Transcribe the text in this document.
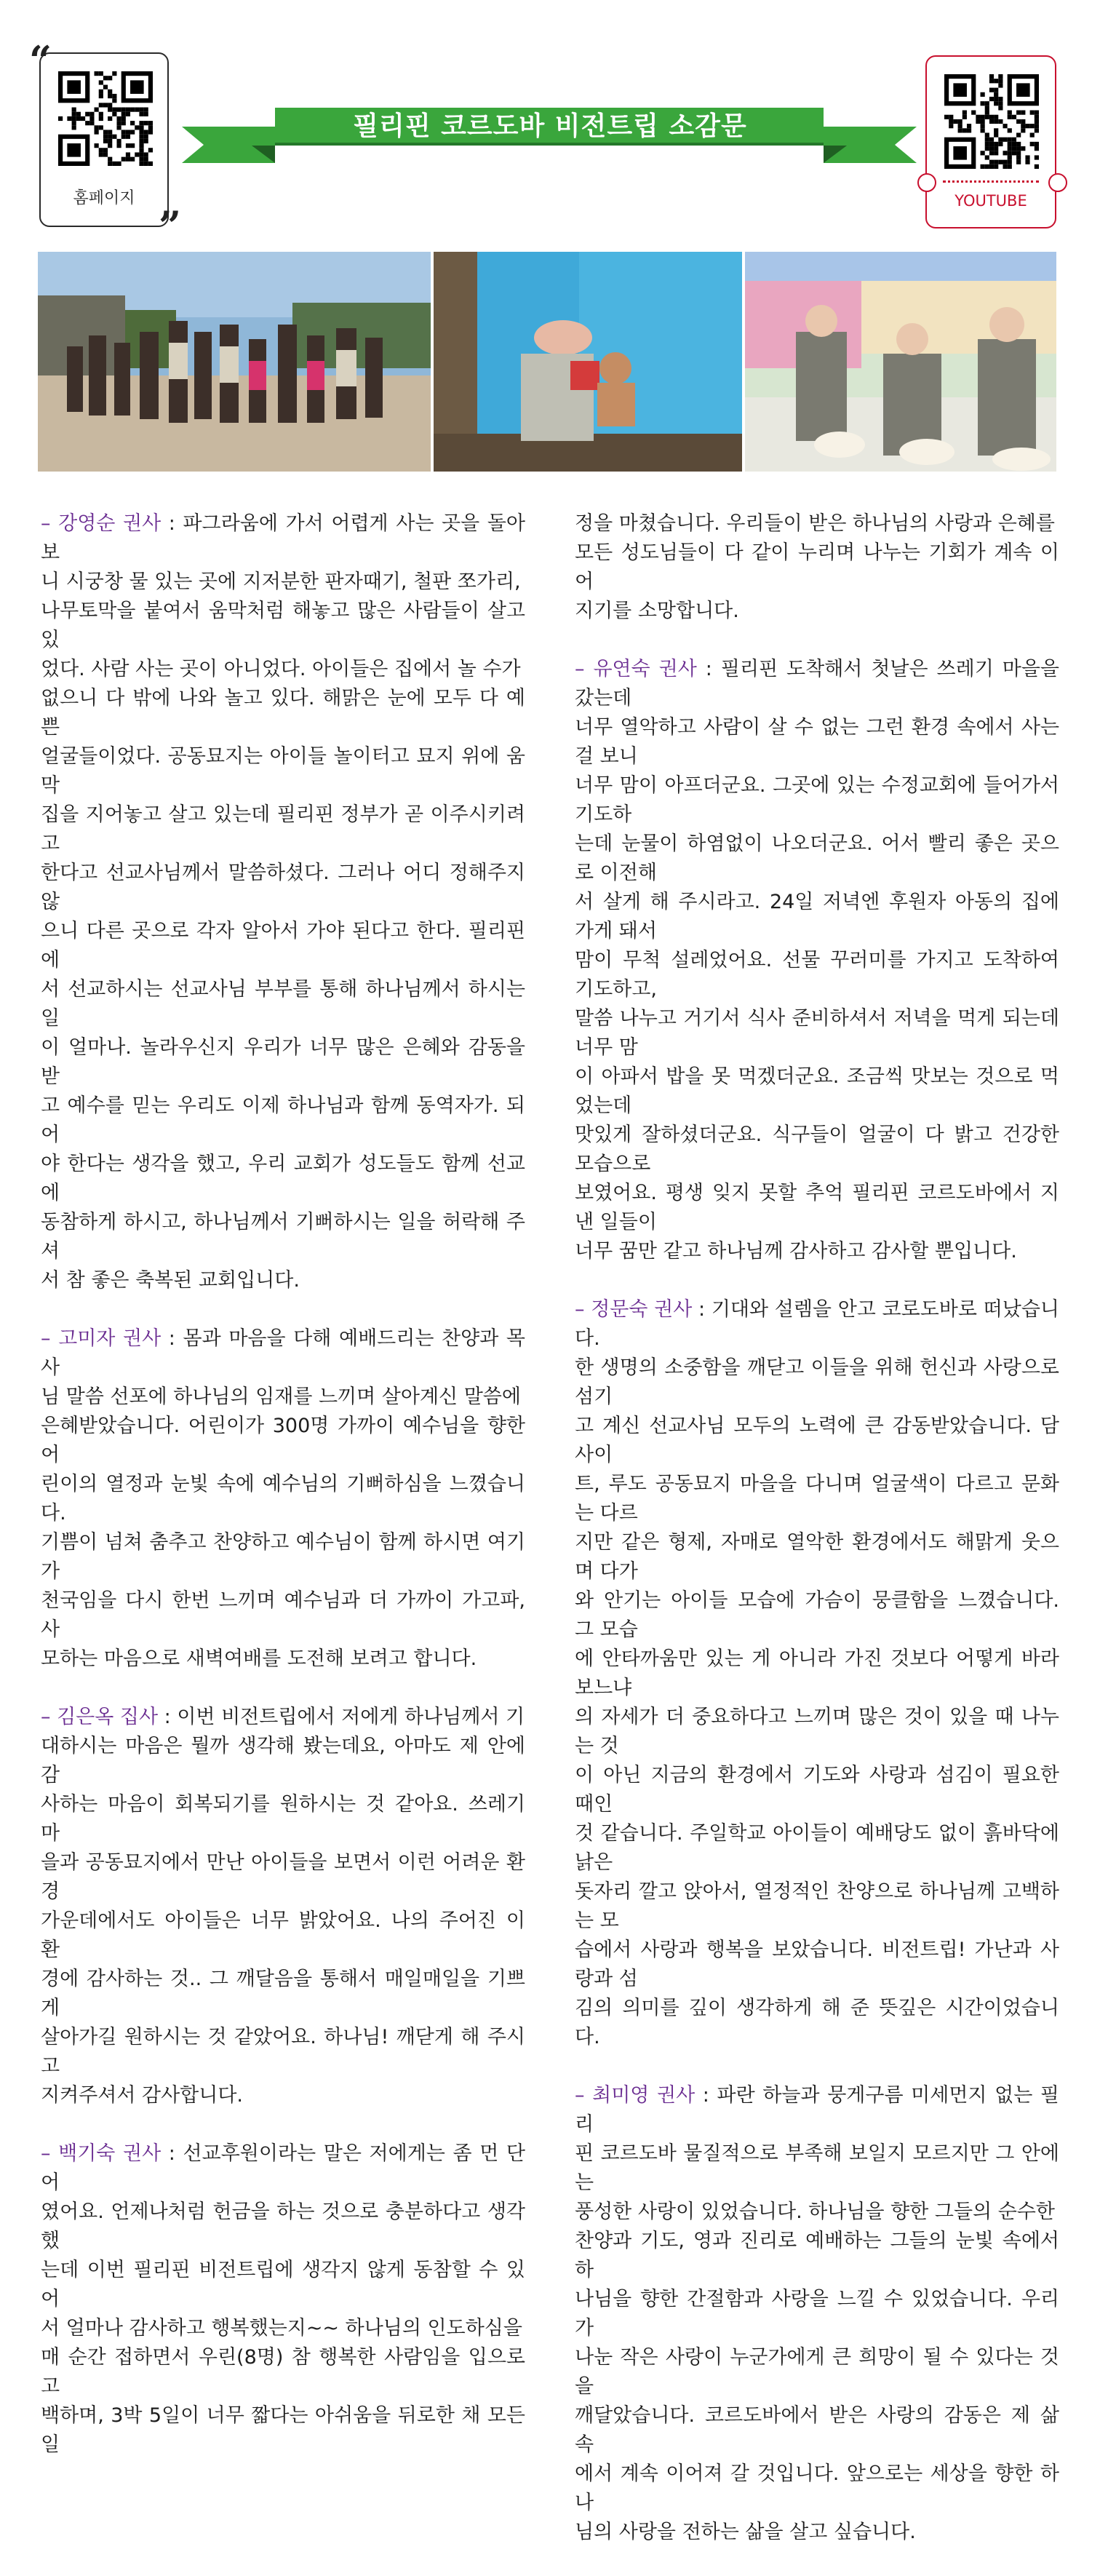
홈페이지
“
”
YOUTUBE
필리핀 코르도바 비전트립 소감문
– 강영순 권사 : 파그라움에 가서 어렵게 사는 곳을 돌아보
니 시궁창 물 있는 곳에 지저분한 판자때기, 철판 쪼가리,
나무토막을 붙여서 움막처럼 해놓고 많은 사람들이 살고 있
었다. 사람 사는 곳이 아니었다. 아이들은 집에서 놀 수가
없으니 다 밖에 나와 놀고 있다. 해맑은 눈에 모두 다 예쁜
얼굴들이었다. 공동묘지는 아이들 놀이터고 묘지 위에 움막
집을 지어놓고 살고 있는데 필리핀 정부가 곧 이주시키려고
한다고 선교사님께서 말씀하셨다. 그러나 어디 정해주지 않
으니 다른 곳으로 각자 알아서 가야 된다고 한다. 필리핀에
서 선교하시는 선교사님 부부를 통해 하나님께서 하시는 일
이 얼마나. 놀라우신지 우리가 너무 많은 은혜와 감동을 받
고 예수를 믿는 우리도 이제 하나님과 함께 동역자가. 되어
야 한다는 생각을 했고, 우리 교회가 성도들도 함께 선교에
동참하게 하시고, 하나님께서 기뻐하시는 일을 허락해 주셔
서 참 좋은 축복된 교회입니다.
– 고미자 권사 : 몸과 마음을 다해 예배드리는 찬양과 목사
님 말씀 선포에 하나님의 임재를 느끼며 살아계신 말씀에
은혜받았습니다. 어린이가 300명 가까이 예수님을 향한 어
린이의 열정과 눈빛 속에 예수님의 기뻐하심을 느꼈습니다.
기쁨이 넘쳐 춤추고 찬양하고 예수님이 함께 하시면 여기가
천국임을 다시 한번 느끼며 예수님과 더 가까이 가고파, 사
모하는 마음으로 새벽여배를 도전해 보려고 합니다.
– 김은옥 집사 : 이번 비전트립에서 저에게 하나님께서 기
대하시는 마음은 뭘까 생각해 봤는데요, 아마도 제 안에 감
사하는 마음이 회복되기를 원하시는 것 같아요. 쓰레기 마
을과 공동묘지에서 만난 아이들을 보면서 이런 어려운 환경
가운데에서도 아이들은 너무 밝았어요. 나의 주어진 이 환
경에 감사하는 것.. 그 깨달음을 통해서 매일매일을 기쁘게
살아가길 원하시는 것 같았어요. 하나님! 깨닫게 해 주시고
지켜주셔서 감사합니다.
– 백기숙 권사 : 선교후원이라는 말은 저에게는 좀 먼 단어
였어요. 언제나처럼 헌금을 하는 것으로 충분하다고 생각했
는데 이번 필리핀 비전트립에 생각지 않게 동참할 수 있어
서 얼마나 감사하고 행복했는지~~ 하나님의 인도하심을
매 순간 접하면서 우린(8명) 참 행복한 사람임을 입으로 고
백하며, 3박 5일이 너무 짧다는 아쉬움을 뒤로한 채 모든 일
정을 마쳤습니다. 우리들이 받은 하나님의 사랑과 은혜를
모든 성도님들이 다 같이 누리며 나누는 기회가 계속 이어
지기를 소망합니다.
– 유연숙 권사 : 필리핀 도착해서 첫날은 쓰레기 마을을 갔는데
너무 열악하고 사람이 살 수 없는 그런 환경 속에서 사는 걸 보니
너무 맘이 아프더군요. 그곳에 있는 수정교회에 들어가서 기도하
는데 눈물이 하염없이 나오더군요. 어서 빨리 좋은 곳으로 이전해
서 살게 해 주시라고. 24일 저녁엔 후원자 아동의 집에 가게 돼서
맘이 무척 설레었어요. 선물 꾸러미를 가지고 도착하여 기도하고,
말씀 나누고 거기서 식사 준비하셔서 저녁을 먹게 되는데 너무 맘
이 아파서 밥을 못 먹겠더군요. 조금씩 맛보는 것으로 먹었는데
맛있게 잘하셨더군요. 식구들이 얼굴이 다 밝고 건강한 모습으로
보였어요. 평생 잊지 못할 추억 필리핀 코르도바에서 지낸 일들이
너무 꿈만 같고 하나님께 감사하고 감사할 뿐입니다.
– 정문숙 권사 : 기대와 설렘을 안고 코로도바로 떠났습니다.
한 생명의 소중함을 깨닫고 이들을 위해 헌신과 사랑으로 섬기
고 계신 선교사님 모두의 노력에 큰 감동받았습니다. 담 사이
트, 루도 공동묘지 마을을 다니며 얼굴색이 다르고 문화는 다르
지만 같은 형제, 자매로 열악한 환경에서도 해맑게 웃으며 다가
와 안기는 아이들 모습에 가슴이 뭉클함을 느꼈습니다. 그 모습
에 안타까움만 있는 게 아니라 가진 것보다 어떻게 바라보느냐
의 자세가 더 중요하다고 느끼며 많은 것이 있을 때 나누는 것
이 아닌 지금의 환경에서 기도와 사랑과 섬김이 필요한 때인
것 같습니다. 주일학교 아이들이 예배당도 없이 흙바닥에 낡은
돗자리 깔고 앉아서, 열정적인 찬양으로 하나님께 고백하는 모
습에서 사랑과 행복을 보았습니다. 비전트립! 가난과 사랑과 섬
김의 의미를 깊이 생각하게 해 준 뜻깊은 시간이었습니다.
– 최미영 권사 : 파란 하늘과 뭉게구름 미세먼지 없는 필리
핀 코르도바 물질적으로 부족해 보일지 모르지만 그 안에는
풍성한 사랑이 있었습니다. 하나님을 향한 그들의 순수한
찬양과 기도, 영과 진리로 예배하는 그들의 눈빛 속에서 하
나님을 향한 간절함과 사랑을 느낄 수 있었습니다. 우리가
나눈 작은 사랑이 누군가에게 큰 희망이 될 수 있다는 것을
깨달았습니다. 코르도바에서 받은 사랑의 감동은 제 삶 속
에서 계속 이어져 갈 것입니다. 앞으로는 세상을 향한 하나
님의 사랑을 전하는 삶을 살고 싶습니다.
